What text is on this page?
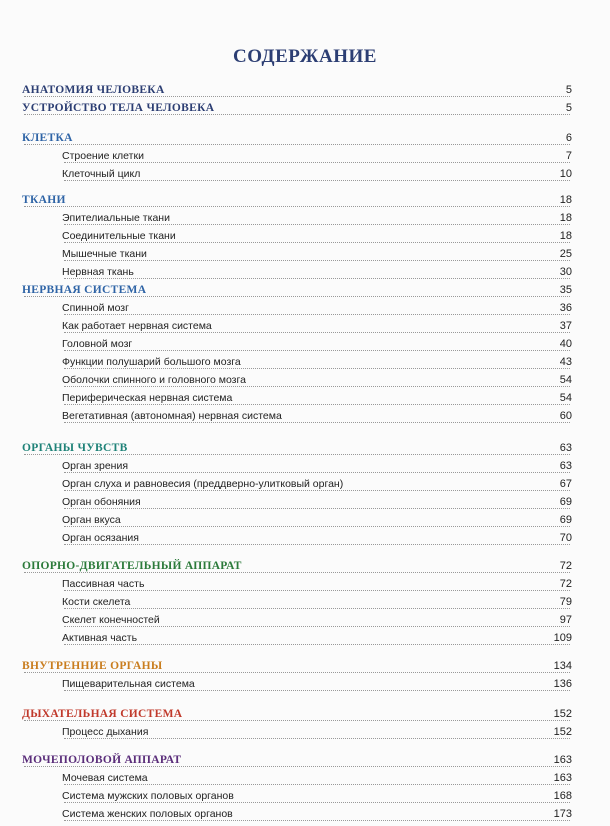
СОДЕРЖАНИЕ
АНАТОМИЯ ЧЕЛОВЕКА	5
УСТРОЙСТВО ТЕЛА ЧЕЛОВЕКА	5
КЛЕТКА	6
Строение клетки	7
Клеточный цикл	10
ТКАНИ	18
Эпителиальные ткани	18
Соединительные ткани	18
Мышечные ткани	25
Нервная ткань	30
НЕРВНАЯ СИСТЕМА	35
Спинной мозг	36
Как работает нервная система	37
Головной мозг	40
Функции полушарий большого мозга	43
Оболочки спинного и головного мозга	54
Периферическая нервная система	54
Вегетативная (автономная) нервная система	60
ОРГАНЫ ЧУВСТВ	63
Орган зрения	63
Орган слуха и равновесия (преддверно-улитковый орган)	67
Орган обоняния	69
Орган вкуса	69
Орган осязания	70
ОПОРНО-ДВИГАТЕЛЬНЫЙ АППАРАТ	72
Пассивная часть	72
Кости скелета	79
Скелет конечностей	97
Активная часть	109
ВНУТРЕННИЕ ОРГАНЫ	134
Пищеварительная система	136
ДЫХАТЕЛЬНАЯ СИСТЕМА	152
Процесс дыхания	152
МОЧЕПОЛОВОЙ АППАРАТ	163
Мочевая система	163
Система мужских половых органов	168
Система женских половых органов	173
